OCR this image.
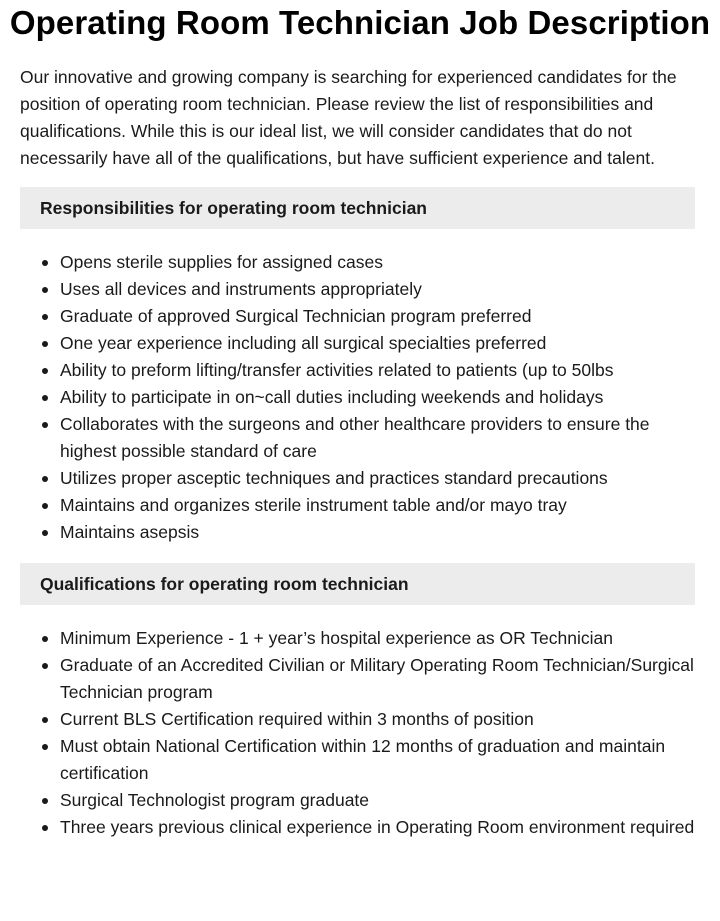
Operating Room Technician Job Description

Our innovative and growing company is searching for experienced candidates for the position of operating room technician. Please review the list of responsibilities and qualifications. While this is our ideal list, we will consider candidates that do not necessarily have all of the qualifications, but have sufficient experience and talent.

Responsibilities for operating room technician
Opens sterile supplies for assigned cases
Uses all devices and instruments appropriately
Graduate of approved Surgical Technician program preferred
One year experience including all surgical specialties preferred
Ability to preform lifting/transfer activities related to patients (up to 50lbs
Ability to participate in on~call duties including weekends and holidays
Collaborates with the surgeons and other healthcare providers to ensure the highest possible standard of care
Utilizes proper asceptic techniques and practices standard precautions
Maintains and organizes sterile instrument table and/or mayo tray
Maintains asepsis
Qualifications for operating room technician
Minimum Experience - 1 + year’s hospital experience as OR Technician
Graduate of an Accredited Civilian or Military Operating Room Technician/Surgical Technician program
Current BLS Certification required within 3 months of position
Must obtain National Certification within 12 months of graduation and maintain certification
Surgical Technologist program graduate
Three years previous clinical experience in Operating Room environment required
